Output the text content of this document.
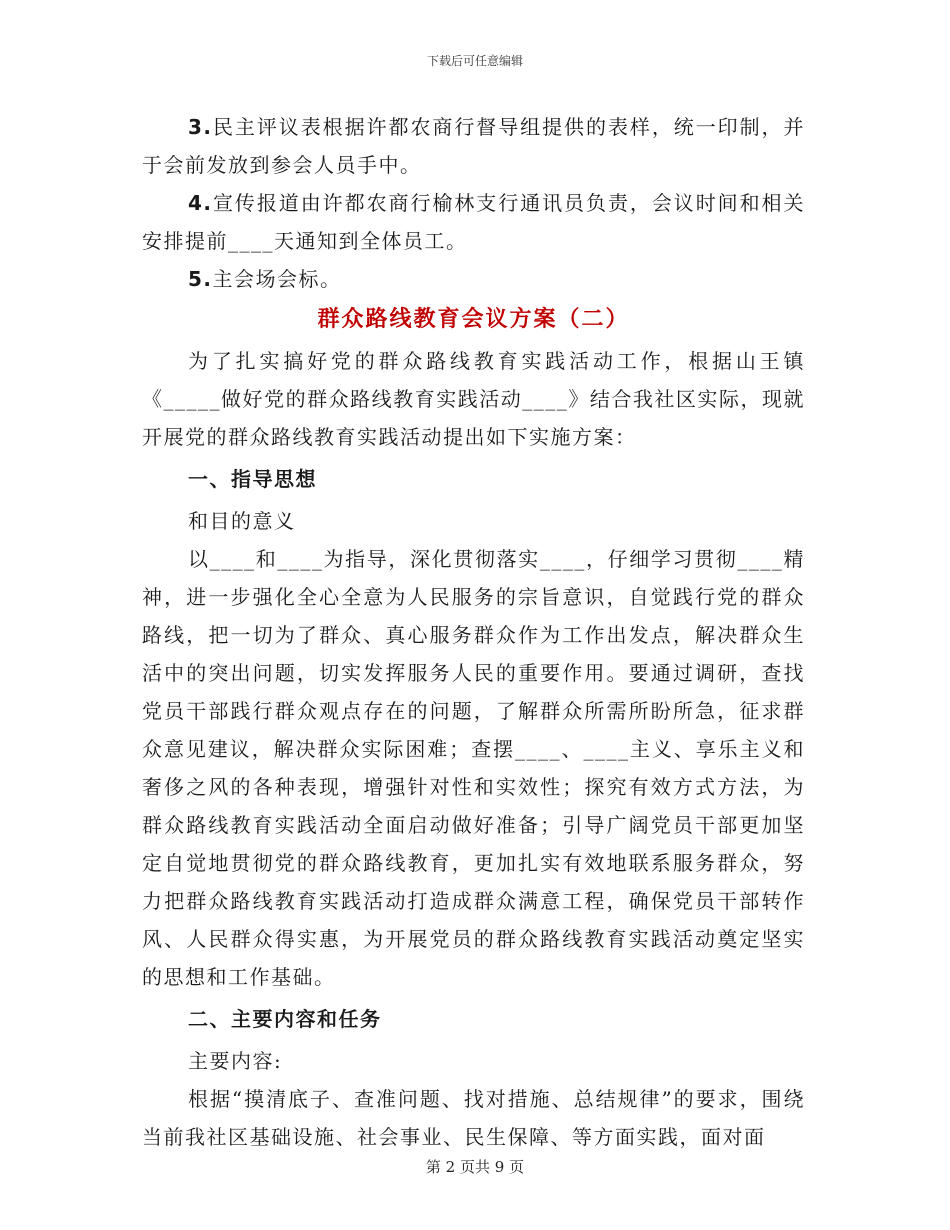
下载后可任意编辑

3.民主评议表根据许都农商行督导组提供的表样，统一印制，并于会前发放到参会人员手中。

4.宣传报道由许都农商行榆林支行通讯员负责，会议时间和相关安排提前____天通知到全体员工。

5.主会场会标。

群众路线教育会议方案（二）

为了扎实搞好党的群众路线教育实践活动工作，根据山王镇《_____做好党的群众路线教育实践活动____》结合我社区实际，现就开展党的群众路线教育实践活动提出如下实施方案：

一、指导思想

和目的意义

以____和____为指导，深化贯彻落实____，仔细学习贯彻____精神，进一步强化全心全意为人民服务的宗旨意识，自觉践行党的群众路线，把一切为了群众、真心服务群众作为工作出发点，解决群众生活中的突出问题，切实发挥服务人民的重要作用。要通过调研，查找党员干部践行群众观点存在的问题，了解群众所需所盼所急，征求群众意见建议，解决群众实际困难；查摆____、____主义、享乐主义和奢侈之风的各种表现，增强针对性和实效性；探究有效方式方法，为群众路线教育实践活动全面启动做好准备；引导广阔党员干部更加坚定自觉地贯彻党的群众路线教育，更加扎实有效地联系服务群众，努力把群众路线教育实践活动打造成群众满意工程，确保党员干部转作风、人民群众得实惠，为开展党员的群众路线教育实践活动奠定坚实的思想和工作基础。

二、主要内容和任务

主要内容:

根据“摸清底子、查准问题、找对措施、总结规律”的要求，围绕当前我社区基础设施、社会事业、民生保障、等方面实践，面对面

第 2 页共 9 页
